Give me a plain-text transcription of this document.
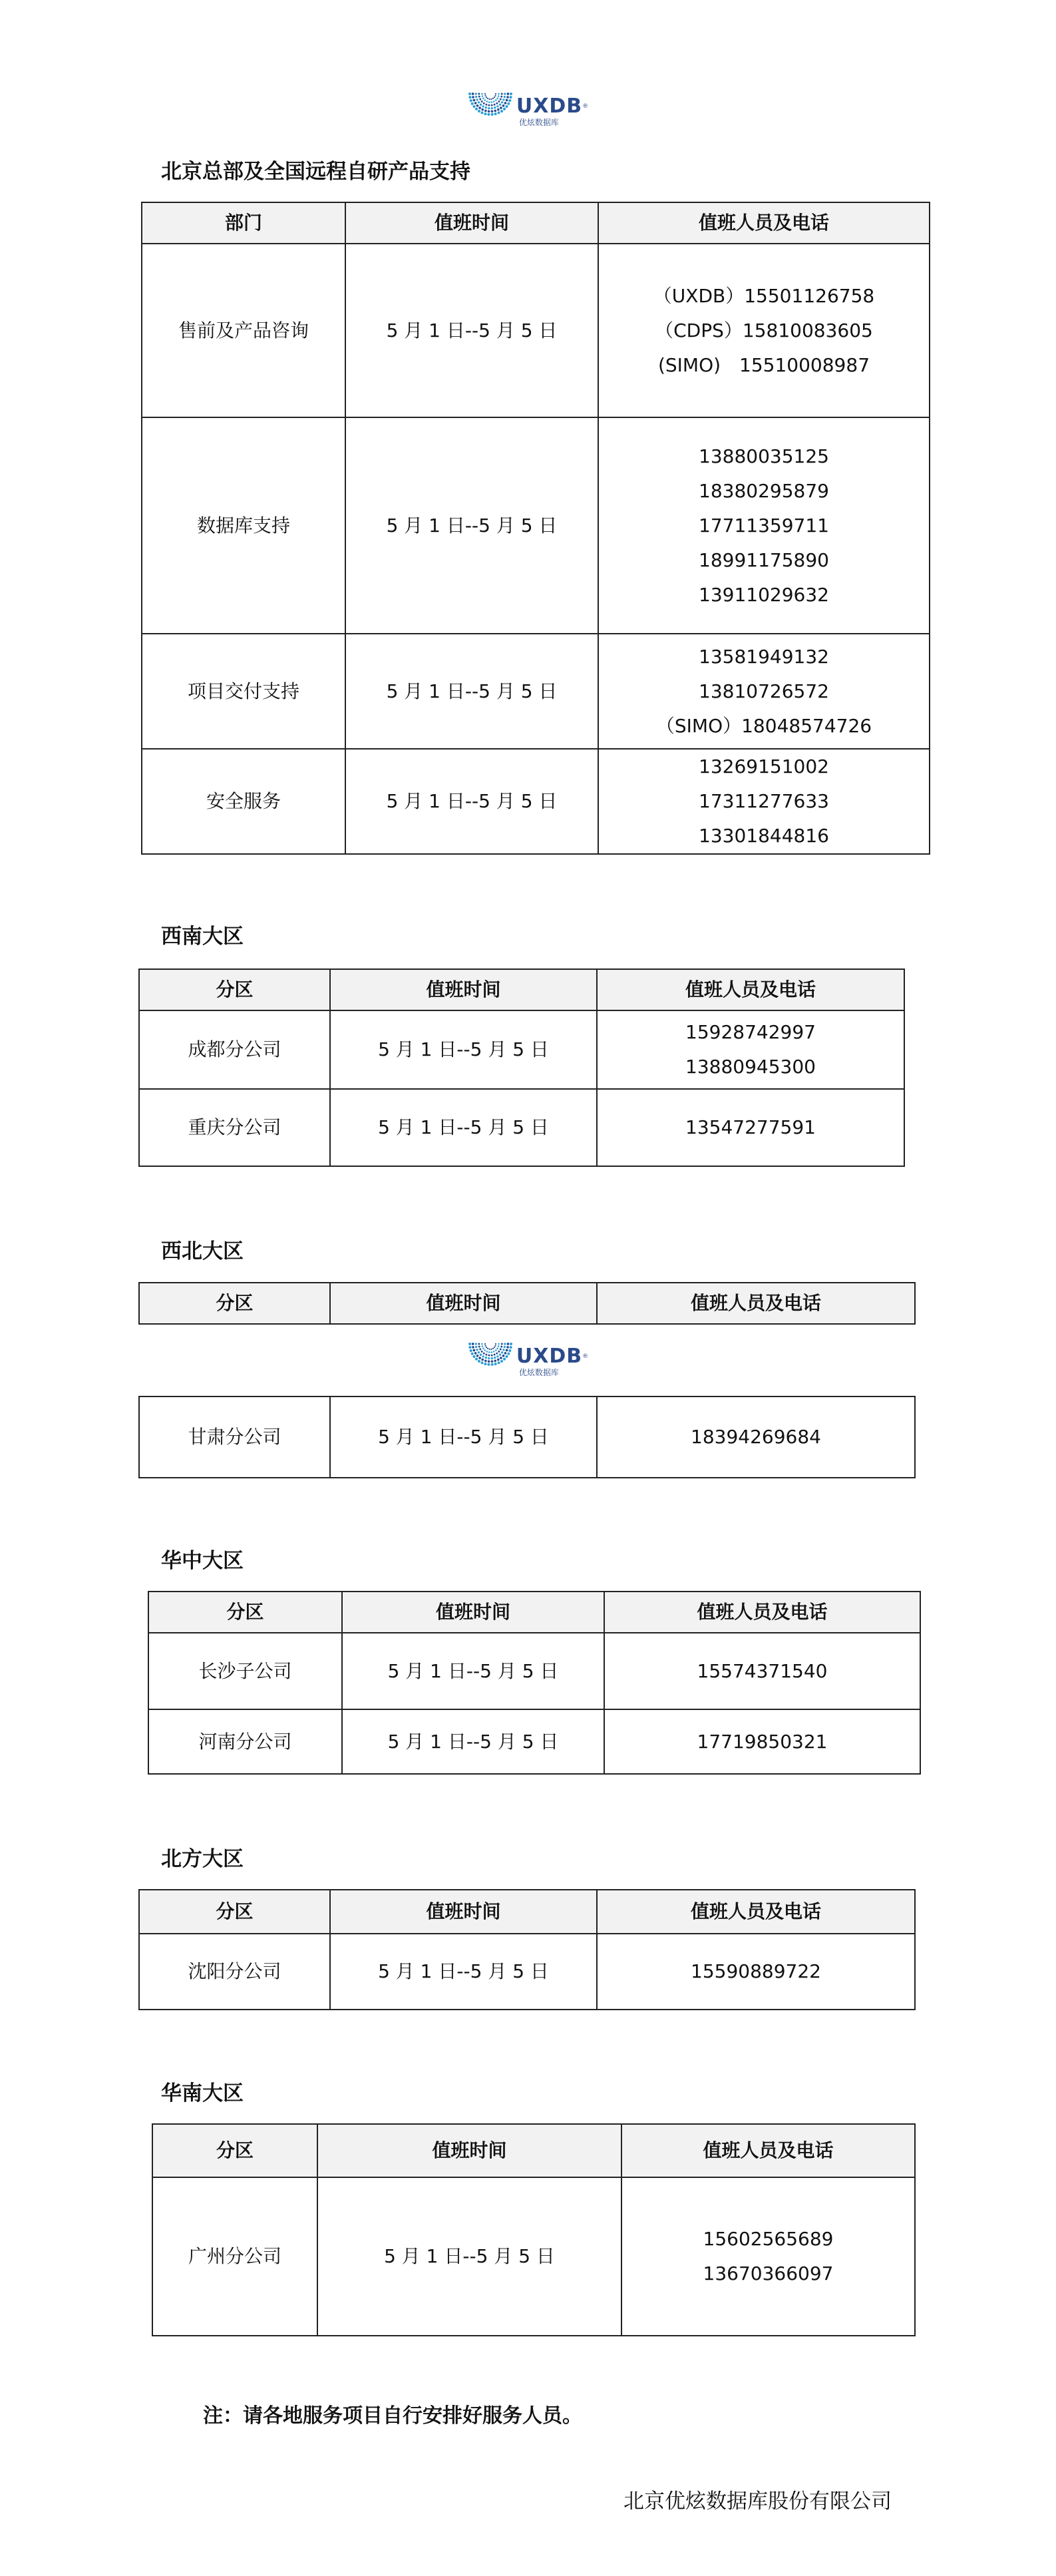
UXDB®
优炫数据库
北京总部及全国远程自研产品支持
部门	值班时间	值班人员及电话
售前及产品咨询	5 月 1 日--5 月 5 日	（UXDB）15501126758
（CDPS）15810083605
(SIMO)　15510008987

数据库支持	5 月 1 日--5 月 5 日	13880035125
18380295879
17711359711
18991175890
13911029632

项目交付支持	5 月 1 日--5 月 5 日	13581949132
13810726572
（SIMO）18048574726

安全服务	5 月 1 日--5 月 5 日	13269151002
17311277633
13301844816
西南大区
分区	值班时间	值班人员及电话
成都分公司	5 月 1 日--5 月 5 日	15928742997
13880945300

重庆分公司	5 月 1 日--5 月 5 日	13547277591
西北大区
分区	值班时间	值班人员及电话
UXDB®
优炫数据库
甘肃分公司	5 月 1 日--5 月 5 日	18394269684
华中大区
分区	值班时间	值班人员及电话
长沙子公司	5 月 1 日--5 月 5 日	15574371540

河南分公司	5 月 1 日--5 月 5 日	17719850321
北方大区
分区	值班时间	值班人员及电话
沈阳分公司	5 月 1 日--5 月 5 日	15590889722
华南大区
分区	值班时间	值班人员及电话
广州分公司	5 月 1 日--5 月 5 日	15602565689
13670366097
注：请各地服务项目自行安排好服务人员。
北京优炫数据库股份有限公司
